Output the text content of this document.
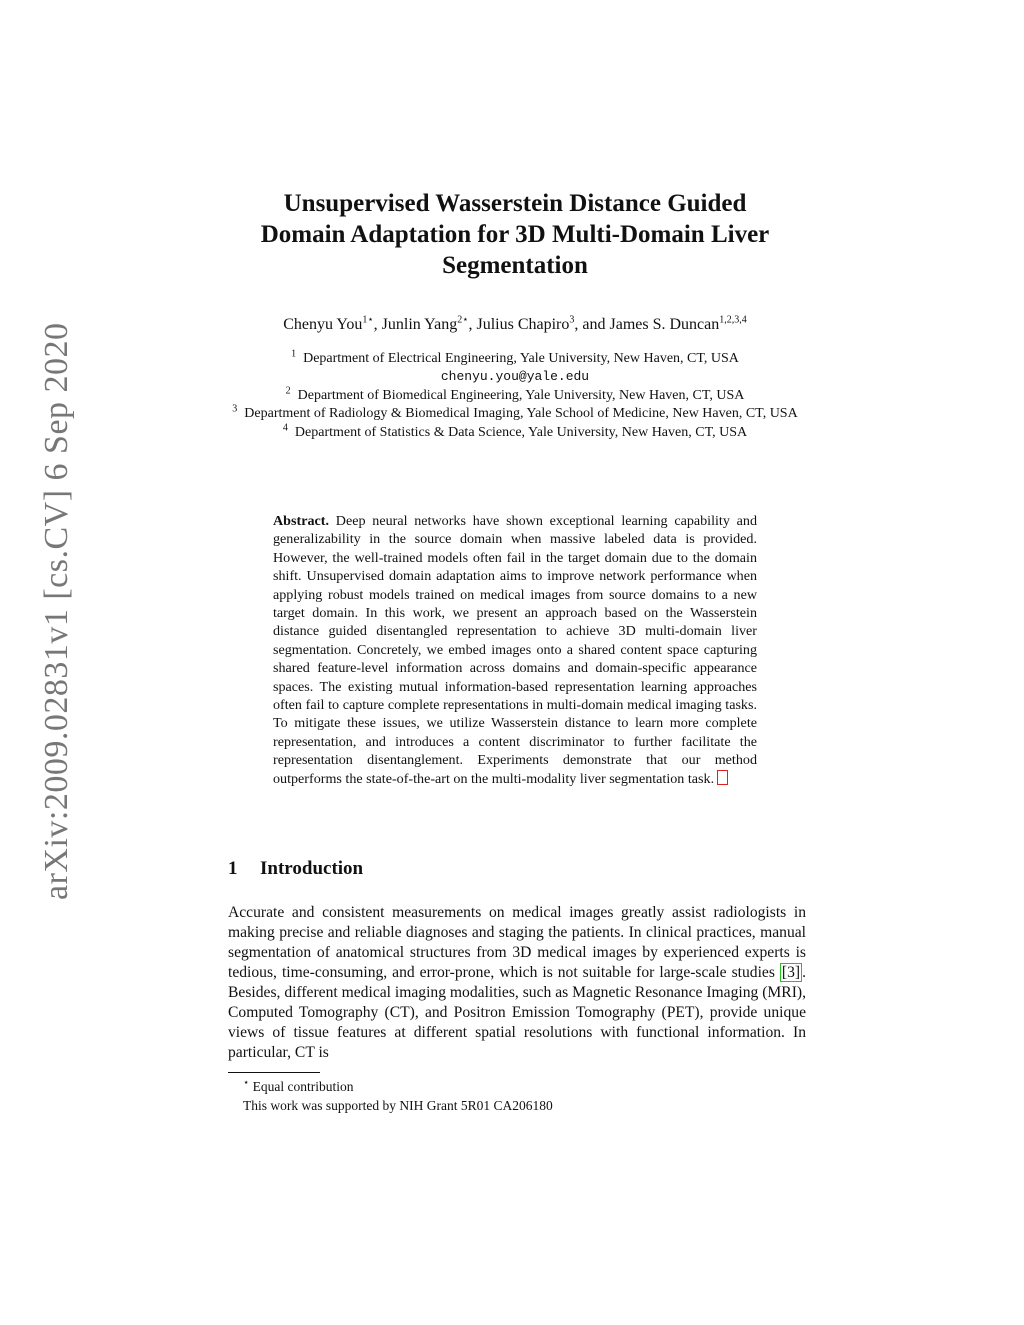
arXiv:2009.02831v1 [cs.CV] 6 Sep 2020
Unsupervised Wasserstein Distance Guided
Domain Adaptation for 3D Multi-Domain Liver
Segmentation
Chenyu You$^{1⋆}$, Junlin Yang$^{2⋆}$, Julius Chapiro$^3$, and James S. Duncan$^{1,2,3,4}$
$^1$ Department of Electrical Engineering, Yale University, New Haven, CT, USA
chenyu.you@yale.edu
$^2$ Department of Biomedical Engineering, Yale University, New Haven, CT, USA
$^3$ Department of Radiology & Biomedical Imaging, Yale School of Medicine, New Haven, CT, USA
$^4$ Department of Statistics & Data Science, Yale University, New Haven, CT, USA
Abstract. Deep neural networks have shown exceptional learning capability and generalizability in the source domain when massive labeled data is provided. However, the well-trained models often fail in the target domain due to the domain shift. Unsupervised domain adaptation aims to improve network performance when applying robust models trained on medical images from source domains to a new target domain. In this work, we present an approach based on the Wasserstein distance guided disentangled representation to achieve 3D multi-domain liver segmentation. Concretely, we embed images onto a shared content space capturing shared feature-level information across domains and domain-specific appearance spaces. The existing mutual information-based representation learning approaches often fail to capture complete representations in multi-domain medical imaging tasks. To mitigate these issues, we utilize Wasserstein distance to learn more complete representation, and introduces a content discriminator to further facilitate the representation disentanglement. Experiments demonstrate that our method outperforms the state-of-the-art on the multi-modality liver segmentation task.
1 Introduction
Accurate and consistent measurements on medical images greatly assist radiologists in making precise and reliable diagnoses and staging the patients. In clinical practices, manual segmentation of anatomical structures from 3D medical images by experienced experts is tedious, time-consuming, and error-prone, which is not suitable for large-scale studies [3] . Besides, different medical imaging modalities, such as Magnetic Resonance Imaging (MRI), Computed Tomography (CT), and Positron Emission Tomography (PET), provide unique views of tissue features at different spatial resolutions with functional information. In particular, CT is
⋆ Equal contribution
This work was supported by NIH Grant 5R01 CA206180
